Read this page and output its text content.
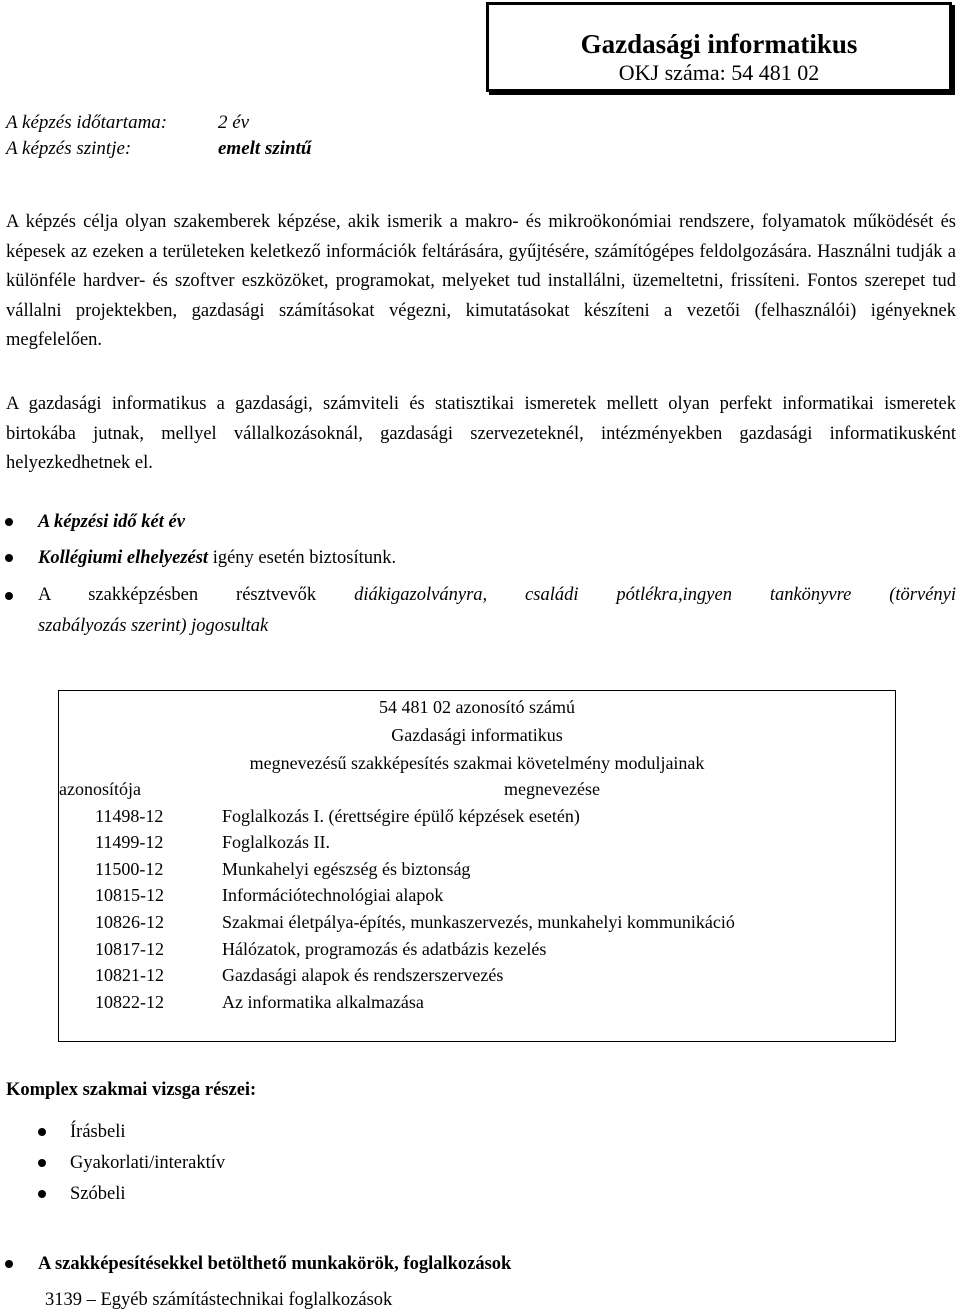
Gazdasági informatikus
OKJ száma: 54 481 02
A képzés időtartama:	2 év
A képzés szintje:	emelt szintű
A képzés célja olyan szakemberek képzése, akik ismerik a makro- és mikroökonómiai rendszere, folyamatok működését és képesek az ezeken a területeken keletkező információk feltárására, gyűjtésére, számítógépes feldolgozására. Használni tudják a különféle hardver- és szoftver eszközöket, programokat, melyeket tud installálni, üzemeltetni, frissíteni. Fontos szerepet tud vállalni projektekben, gazdasági számításokat végezni, kimutatásokat készíteni a vezetői (felhasználói) igényeknek megfelelően.
A gazdasági informatikus a gazdasági, számviteli és statisztikai ismeretek mellett olyan perfekt informatikai ismeretek birtokába jutnak, mellyel vállalkozásoknál, gazdasági szervezeteknél, intézményekben gazdasági informatikusként helyezkedhetnek el.
A képzési idő két év
Kollégiumi elhelyezést igény esetén biztosítunk.
A szakképzésben résztvevők diákigazolványra, családi pótlékra,ingyen tankönyvre (törvényi
szabályozás szerint) jogosultak
54 481 02 azonosító számú
Gazdasági informatikus
megnevezésű szakképesítés szakmai követelmény moduljainak
azonosítója	megnevezése
11498-12	Foglalkozás I. (érettségire épülő képzések esetén)
11499-12	Foglalkozás II.
11500-12	Munkahelyi egészség és biztonság
10815-12	Információtechnológiai alapok
10826-12	Szakmai életpálya-építés, munkaszervezés, munkahelyi kommunikáció
10817-12	Hálózatok, programozás és adatbázis kezelés
10821-12	Gazdasági alapok és rendszerszervezés
10822-12	Az informatika alkalmazása
Komplex szakmai vizsga részei:
Írásbeli
Gyakorlati/interaktív
Szóbeli
A szakképesítésekkel betölthető munkakörök, foglalkozások
3139 – Egyéb számítástechnikai foglalkozások
